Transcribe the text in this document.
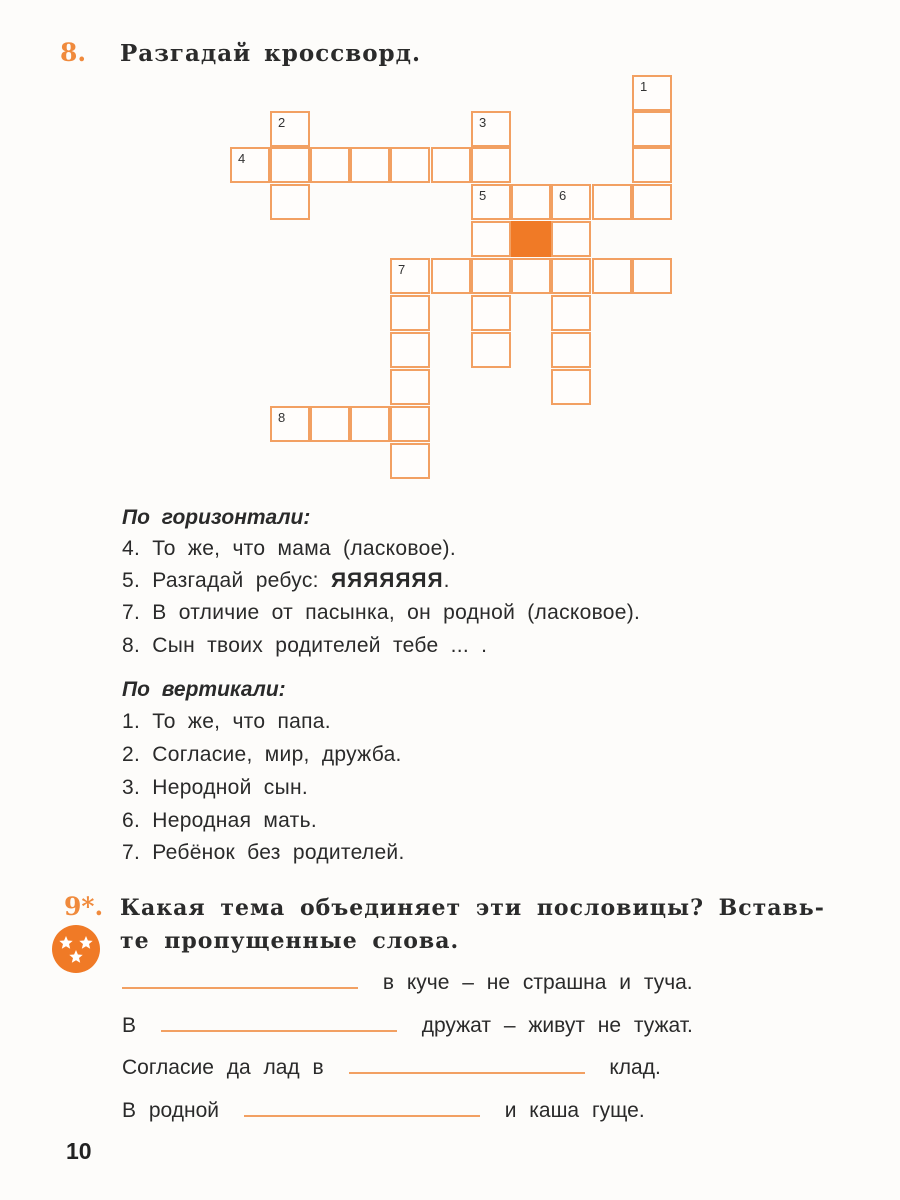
8. Разгадай кроссворд.
1
2	3
4
5	6
7
8
По горизонтали:
4. То же, что мама (ласковое).
5. Разгадай ребус: ЯЯЯЯЯЯЯ.
7. В отличие от пасынка, он родной (ласковое).
8. Сын твоих родителей тебе ... .
По вертикали:
1. То же, что папа.
2. Согласие, мир, дружба.
3. Неродной сын.
6. Неродная мать.
7. Ребёнок без родителей.
9*. Какая тема объединяет эти пословицы? Вставь-
те пропущенные слова.
в куче – не страшна и туча.
В	дружат – живут не тужат.
Согласие да лад в	клад.
В родной	и каша гуще.
10
